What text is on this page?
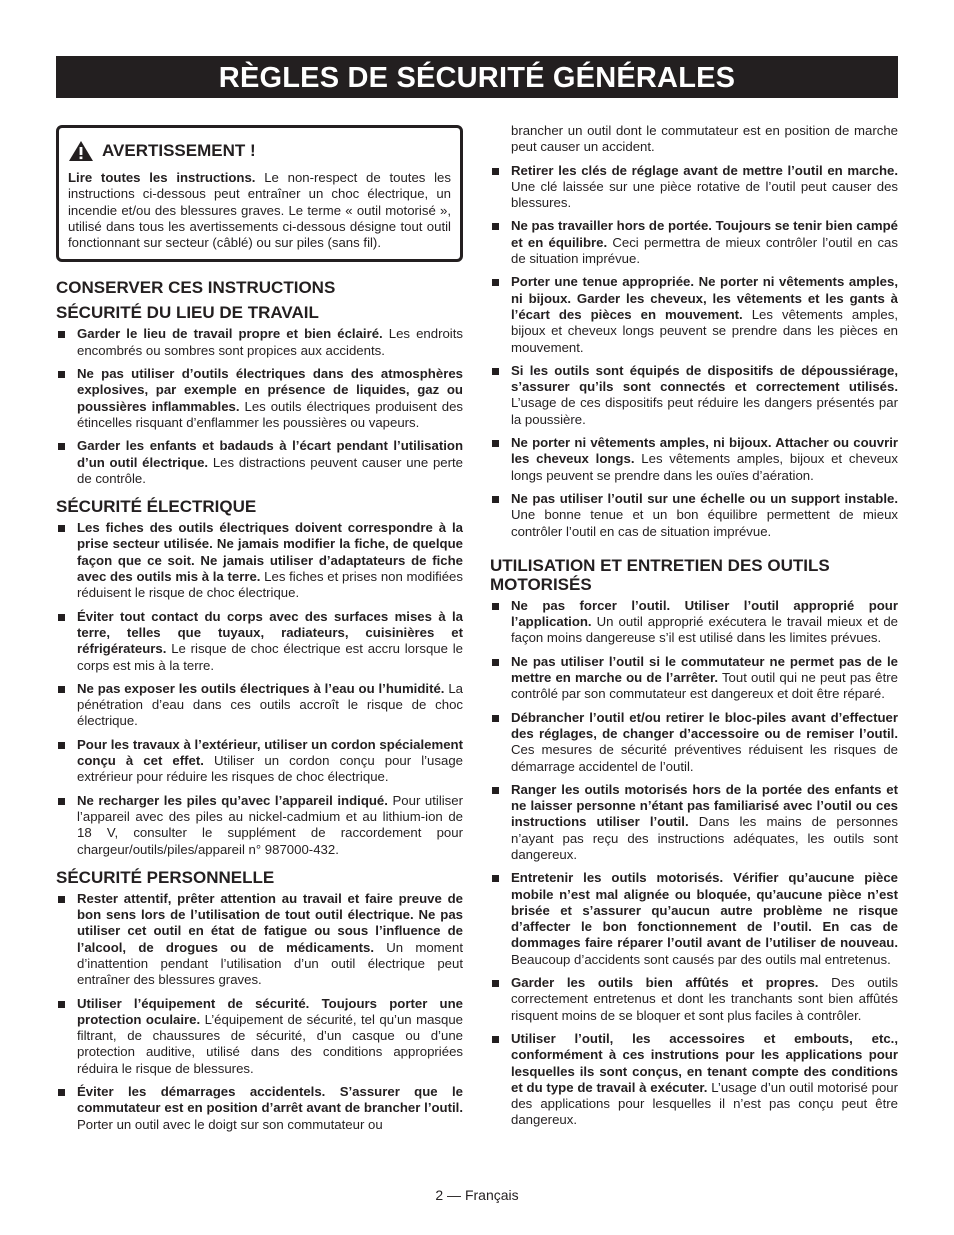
RÈGLES DE SÉCURITÉ GÉNÉRALES
AVERTISSEMENT !
Lire toutes les instructions. Le non-respect de toutes les instructions ci-dessous peut entraîner un choc électrique, un incendie et/ou des blessures graves. Le terme « outil motorisé », utilisé dans tous les avertissements ci-dessous désigne tout outil fonctionnant sur secteur (câblé) ou sur piles (sans fil).
CONSERVER CES INSTRUCTIONS
SÉCURITÉ DU LIEU DE TRAVAIL
Garder le lieu de travail propre et bien éclairé. Les endroits encombrés ou sombres sont propices aux accidents.
Ne pas utiliser d’outils électriques dans des atmosphères explosives, par exemple en présence de liquides, gaz ou poussières inflammables. Les outils électriques produisent des étincelles risquant d’enflammer les poussières ou vapeurs.
Garder les enfants et badauds à l’écart pendant l’utilisation d’un outil électrique. Les distractions peuvent causer une perte de contrôle.
SÉCURITÉ ÉLECTRIQUE
Les fiches des outils électriques doivent correspondre à la prise secteur utilisée. Ne jamais modifier la fiche, de quelque façon que ce soit. Ne jamais utiliser d’adaptateurs de fiche avec des outils mis à la terre. Les fiches et prises non modifiées réduisent le risque de choc électrique.
Éviter tout contact du corps avec des surfaces mises à la terre, telles que tuyaux, radiateurs, cuisinières et réfrigérateurs. Le risque de choc électrique est accru lorsque le corps est mis à la terre.
Ne pas exposer les outils électriques à l’eau ou l’humidité. La pénétration d’eau dans ces outils accroît le risque de choc électrique.
Pour les travaux à l’extérieur, utiliser un cordon spécialement conçu à cet effet. Utiliser un cordon conçu pour l’usage extrérieur pour réduire les risques de choc électrique.
Ne recharger les piles qu’avec l’appareil indiqué. Pour utiliser l’appareil avec des piles au nickel-cadmium et au lithium-ion de 18 V, consulter le supplément de raccordement pour chargeur/outils/piles/appareil n° 987000-432.
SÉCURITÉ PERSONNELLE
Rester attentif, prêter attention au travail et faire preuve de bon sens lors de l’utilisation de tout outil électrique. Ne pas utiliser cet outil en état de fatigue ou sous l’influence de l’alcool, de drogues ou de médicaments. Un moment d’inattention pendant l’utilisation d’un outil électrique peut entraîner des blessures graves.
Utiliser l’équipement de sécurité. Toujours porter une protection oculaire. L’équipement de sécurité, tel qu’un masque filtrant, de chaussures de sécurité, d’un casque ou d’une protection auditive, utilisé dans des conditions appropriées réduira le risque de blessures.
Éviter les démarrages accidentels. S’assurer que le commutateur est en position d’arrêt avant de brancher l’outil. Porter un outil avec le doigt sur son commutateur ou
brancher un outil dont le commutateur est en position de marche peut causer un accident.
Retirer les clés de réglage avant de mettre l’outil en marche. Une clé laissée sur une pièce rotative de l’outil peut causer des blessures.
Ne pas travailler hors de portée. Toujours se tenir bien campé et en équilibre. Ceci permettra de mieux contrôler l’outil en cas de situation imprévue.
Porter une tenue appropriée. Ne porter ni vêtements amples, ni bijoux. Garder les cheveux, les vêtements et les gants à l’écart des pièces en mouvement. Les vêtements amples, bijoux et cheveux longs peuvent se prendre dans les pièces en mouvement.
Si les outils sont équipés de dispositifs de dépoussiérage, s’assurer qu’ils sont connectés et correctement utilisés. L’usage de ces dispositifs peut réduire les dangers présentés par la poussière.
Ne porter ni vêtements amples, ni bijoux. Attacher ou couvrir les cheveux longs. Les vêtements amples, bijoux et cheveux longs peuvent se prendre dans les ouïes d’aération.
Ne pas utiliser l’outil sur une échelle ou un support instable. Une bonne tenue et un bon équilibre permettent de mieux contrôler l’outil en cas de situation imprévue.
UTILISATION ET ENTRETIEN DES OUTILS MOTORISÉS
Ne pas forcer l’outil. Utiliser l’outil approprié pour l’application. Un outil approprié exécutera le travail mieux et de façon moins dangereuse s’il est utilisé dans les limites prévues.
Ne pas utiliser l’outil si le commutateur ne permet pas de le mettre en marche ou de l’arrêter. Tout outil qui ne peut pas être contrôlé par son commutateur est dangereux et doit être réparé.
Débrancher l’outil et/ou retirer le bloc-piles avant d’effectuer des réglages, de changer d’accessoire ou de remiser l’outil. Ces mesures de sécurité préventives réduisent les risques de démarrage accidentel de l’outil.
Ranger les outils motorisés hors de la portée des enfants et ne laisser personne n’étant pas familiarisé avec l’outil ou ces instructions utiliser l’outil. Dans les mains de personnes n’ayant pas reçu des instructions adéquates, les outils sont dangereux.
Entretenir les outils motorisés. Vérifier qu’aucune pièce mobile n’est mal alignée ou bloquée, qu’aucune pièce n’est brisée et s’assurer qu’aucun autre problème ne risque d’affecter le bon fonctionnement de l’outil. En cas de dommages faire réparer l’outil avant de l’utiliser de nouveau. Beaucoup d’accidents sont causés par des outils mal entretenus.
Garder les outils bien affûtés et propres. Des outils correctement entretenus et dont les tranchants sont bien affûtés risquent moins de se bloquer et sont plus faciles à contrôler.
Utiliser l’outil, les accessoires et embouts, etc., conformément à ces instrutions pour les applications pour lesquelles ils sont conçus, en tenant compte des conditions et du type de travail à exécuter. L’usage d’un outil motorisé pour des applications pour lesquelles il n’est pas conçu peut être dangereux.
2 — Français
